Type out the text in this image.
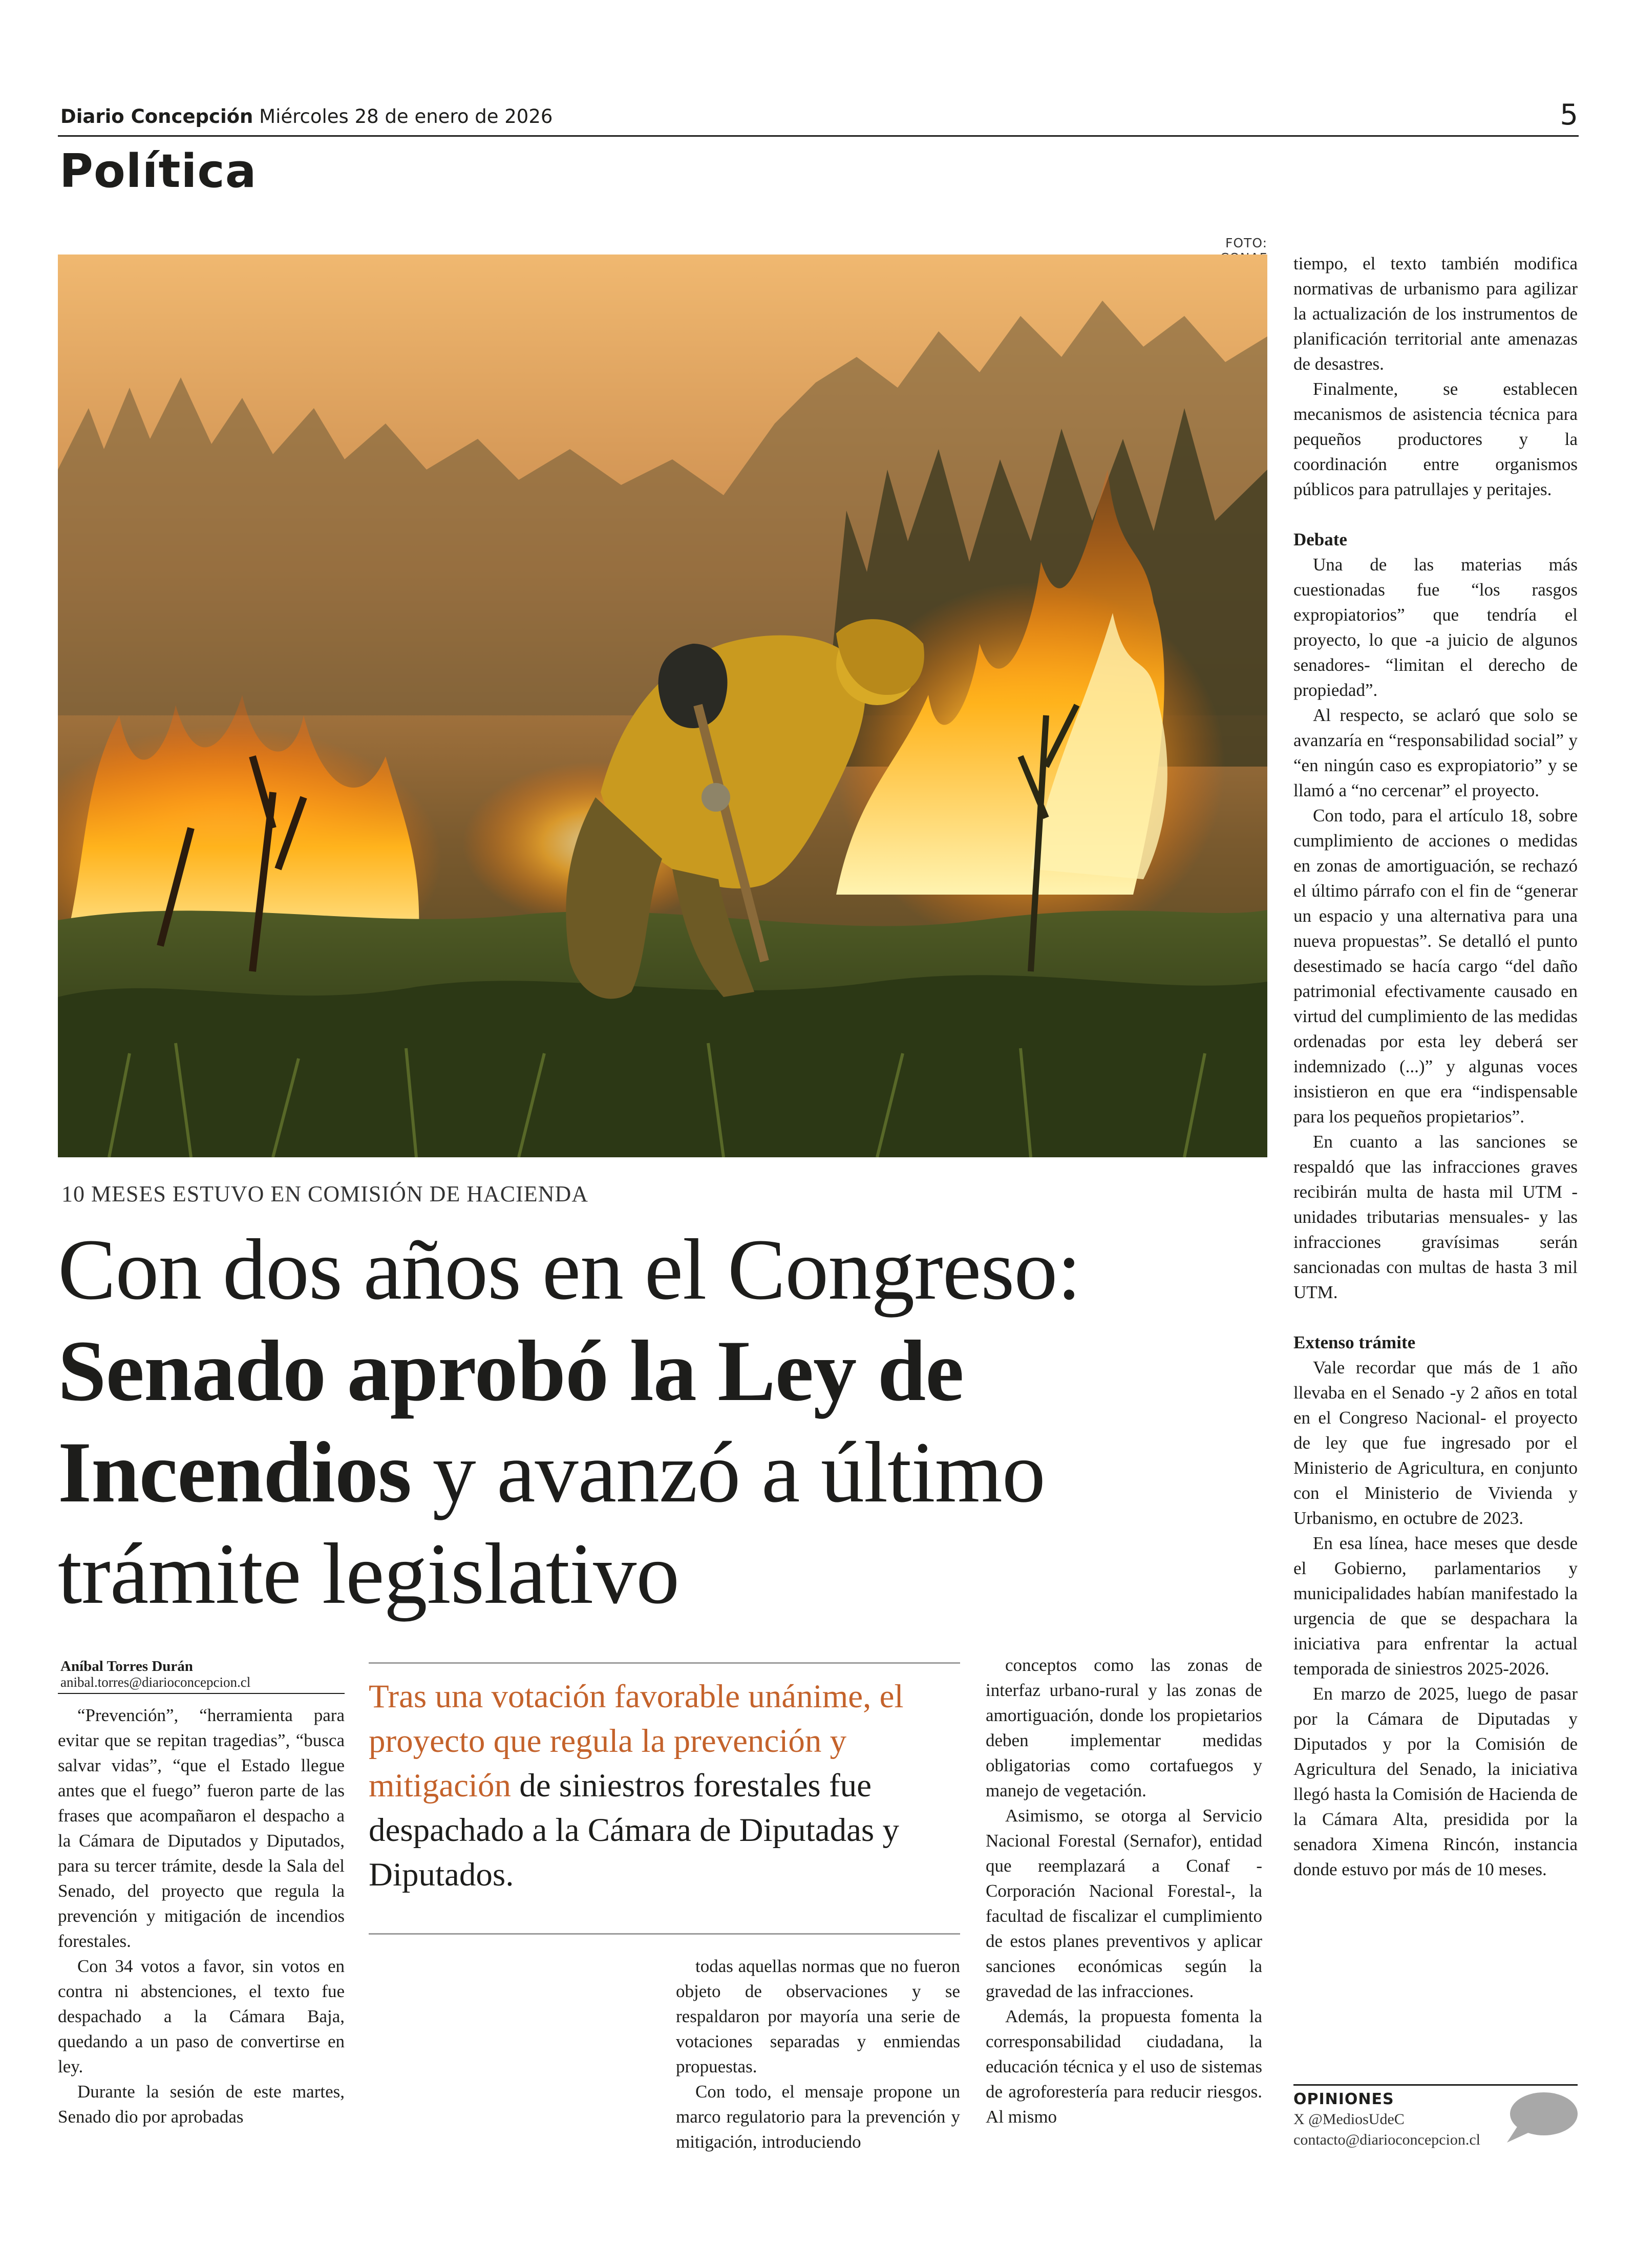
Diario Concepción Miércoles 28 de enero de 2026	5
Política
FOTO:
10 MESES ESTUVO EN COMISIÓN DE HACIENDA
Con dos años en el Congreso:
Senado aprobó la Ley de
Incendios y avanzó a último
trámite legislativo
Aníbal Torres Durán
anibal.torres@diarioconcepcion.cl	Tras una votación favorable unánime, el proyecto que regula la prevención y mitigación de siniestros forestales fue despachado a la Cámara de Diputadas y Diputados.

“Prevención”, “herramienta para evitar que se repitan tragedias”, “busca salvar vidas”, “que el Estado llegue antes que el fuego” fueron parte de las frases que acompañaron el despacho a la Cámara de Diputados y Diputados, para su tercer trámite, desde la Sala del Senado, del proyecto que regula la prevención y mitigación de incendios forestales.

Con 34 votos a favor, sin votos en contra ni abstenciones, el texto fue despachado a la Cámara Baja, quedando a un paso de convertirse en ley.

Durante la sesión de este martes, Senado dio por aprobadas

todas aquellas normas que no fueron objeto de observaciones y se respaldaron por mayoría una serie de votaciones separadas y enmiendas propuestas.

Con todo, el mensaje propone un marco regulatorio para la prevención y mitigación, introduciendo

conceptos como las zonas de interfaz urbano-rural y las zonas de amortiguación, donde los propietarios deben implementar medidas obligatorias como cortafuegos y manejo de vegetación.

Asimismo, se otorga al Servicio Nacional Forestal (Sernafor), entidad que reemplazará a Conaf -Corporación Nacional Forestal-, la facultad de fiscalizar el cumplimiento de estos planes preventivos y aplicar sanciones económicas según la gravedad de las infracciones.

Además, la propuesta fomenta la corresponsabilidad ciudadana, la educación técnica y el uso de sistemas de agroforestería para reducir riesgos. Al mismo

tiempo, el texto también modifica normativas de urbanismo para agilizar la actualización de los instrumentos de planificación territorial ante amenazas de desastres.

Finalmente, se establecen mecanismos de asistencia técnica para pequeños productores y la coordinación entre organismos públicos para patrullajes y peritajes.

Debate

Una de las materias más cuestionadas fue “los rasgos expropiatorios” que tendría el proyecto, lo que -a juicio de algunos senadores- “limitan el derecho de propiedad”.

Al respecto, se aclaró que solo se avanzaría en “responsabilidad social” y “en ningún caso es expropiatorio” y se llamó a “no cercenar” el proyecto.

Con todo, para el artículo 18, sobre cumplimiento de acciones o medidas en zonas de amortiguación, se rechazó el último párrafo con el fin de “generar un espacio y una alternativa para una nueva propuestas”. Se detalló el punto desestimado se hacía cargo “del daño patrimonial efectivamente causado en virtud del cumplimiento de las medidas ordenadas por esta ley deberá ser indemnizado (...)” y algunas voces insistieron en que era “indispensable para los pequeños propietarios”.

En cuanto a las sanciones se respaldó que las infracciones graves recibirán multa de hasta mil UTM -unidades tributarias mensuales- y las infracciones gravísimas serán sancionadas con multas de hasta 3 mil UTM.

Extenso trámite

Vale recordar que más de 1 año llevaba en el Senado -y 2 años en total en el Congreso Nacional- el proyecto de ley que fue ingresado por el Ministerio de Agricultura, en conjunto con el Ministerio de Vivienda y Urbanismo, en octubre de 2023.

En esa línea, hace meses que desde el Gobierno, parlamentarios y municipalidades habían manifestado la urgencia de que se despachara la iniciativa para enfrentar la actual temporada de siniestros 2025-2026.

En marzo de 2025, luego de pasar por la Cámara de Diputadas y Diputados y por la Comisión de Agricultura del Senado, la iniciativa llegó hasta la Comisión de Hacienda de la Cámara Alta, presidida por la senadora Ximena Rincón, instancia donde estuvo por más de 10 meses.

OPINIONES
X @MediosUdeC
contacto@diarioconcepcion.cl
